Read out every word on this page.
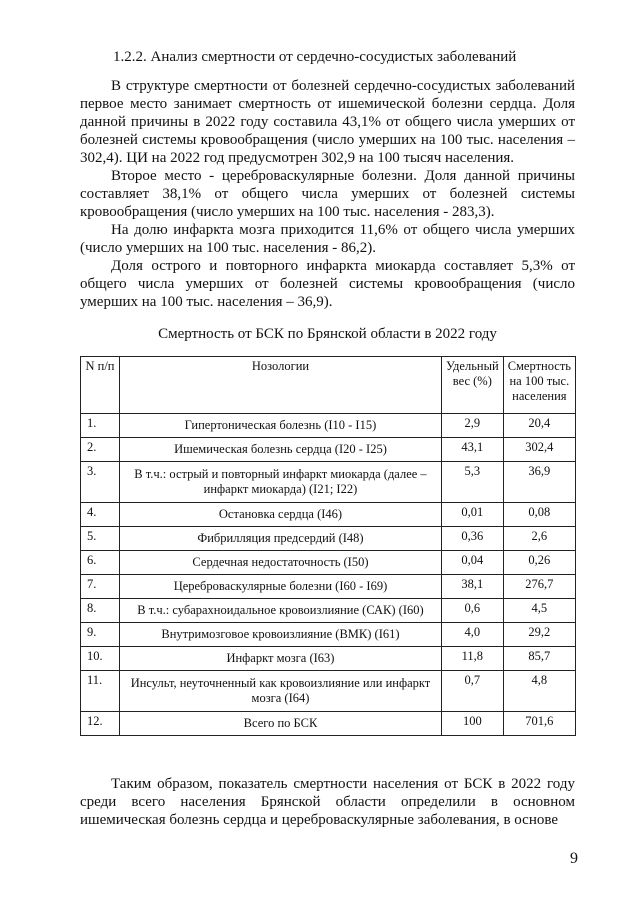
1.2.2. Анализ смертности от сердечно-сосудистых заболеваний

В структуре смертности от болезней сердечно-сосудистых заболеваний первое место занимает смертность от ишемической болезни сердца. Доля данной причины в 2022 году составила 43,1% от общего числа умерших от болезней системы кровообращения (число умерших на 100 тыс. населения – 302,4). ЦИ на 2022 год предусмотрен 302,9 на 100 тысяч населения.

Второе место - цереброваскулярные болезни. Доля данной причины составляет 38,1% от общего числа умерших от болезней системы кровообращения (число умерших на 100 тыс. населения - 283,3).

На долю инфаркта мозга приходится 11,6% от общего числа умерших (число умерших на 100 тыс. населения - 86,2).

Доля острого и повторного инфаркта миокарда составляет 5,3% от общего числа умерших от болезней системы кровообращения (число умерших на 100 тыс. населения – 36,9).

Смертность от БСК по Брянской области в 2022 году
N п/п	Нозологии	Удельный вес (%)	Смертность на 100 тыс. населения
1.	Гипертоническая болезнь (I10 - I15)	2,9	20,4
2.	Ишемическая болезнь сердца (I20 - I25)	43,1	302,4
3.	В т.ч.: острый и повторный инфаркт миокарда (далее – инфаркт миокарда) (I21; I22)	5,3	36,9
4.	Остановка сердца (I46)	0,01	0,08
5.	Фибрилляция предсердий (I48)	0,36	2,6
6.	Сердечная недостаточность (I50)	0,04	0,26
7.	Цереброваскулярные болезни (I60 - I69)	38,1	276,7
8.	В т.ч.: субарахноидальное кровоизлияние (САК) (I60)	0,6	4,5
9.	Внутримозговое кровоизлияние (ВМК) (I61)	4,0	29,2
10.	Инфаркт мозга (I63)	11,8	85,7
11.	Инсульт, неуточненный как кровоизлияние или инфаркт мозга (I64)	0,7	4,8
12.	Всего по БСК	100	701,6

Таким образом, показатель смертности населения от БСК в 2022 году среди всего населения Брянской области определили в основном ишемическая болезнь сердца и цереброваскулярные заболевания, в основе

9
